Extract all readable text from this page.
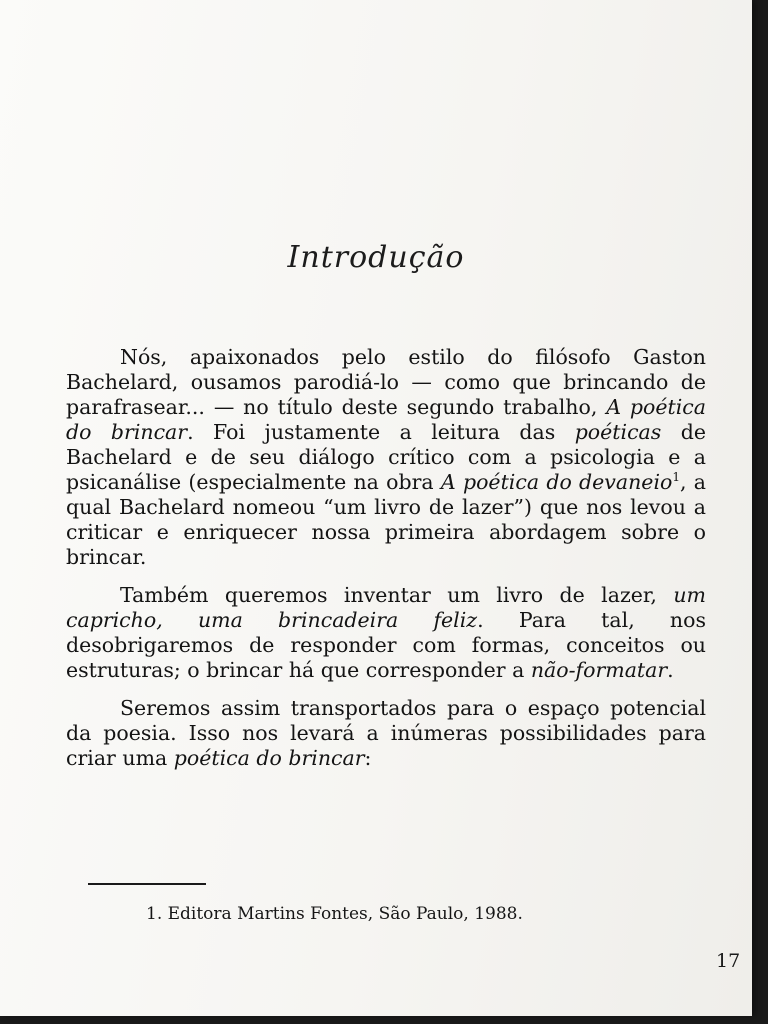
Introdução

Nós, apaixonados pelo estilo do filósofo Gaston Bachelard, ousamos parodiá-lo — como que brincando de parafrasear... — no título deste segundo trabalho, A poética do brincar. Foi justamente a leitura das poéticas de Bachelard e de seu diálogo crítico com a psicologia e a psicanálise (especialmente na obra A poética do devaneio$^1$, a qual Bachelard nomeou “um livro de lazer”) que nos levou a criticar e enriquecer nossa primeira abordagem sobre o brincar.

Também queremos inventar um livro de lazer, um capricho, uma brincadeira feliz. Para tal, nos desobrigaremos de responder com formas, conceitos ou estruturas; o brincar há que corresponder a não-formatar.

Seremos assim transportados para o espaço potencial da poesia. Isso nos levará a inúmeras possibilidades para criar uma poética do brincar:

1. Editora Martins Fontes, São Paulo, 1988.
17
